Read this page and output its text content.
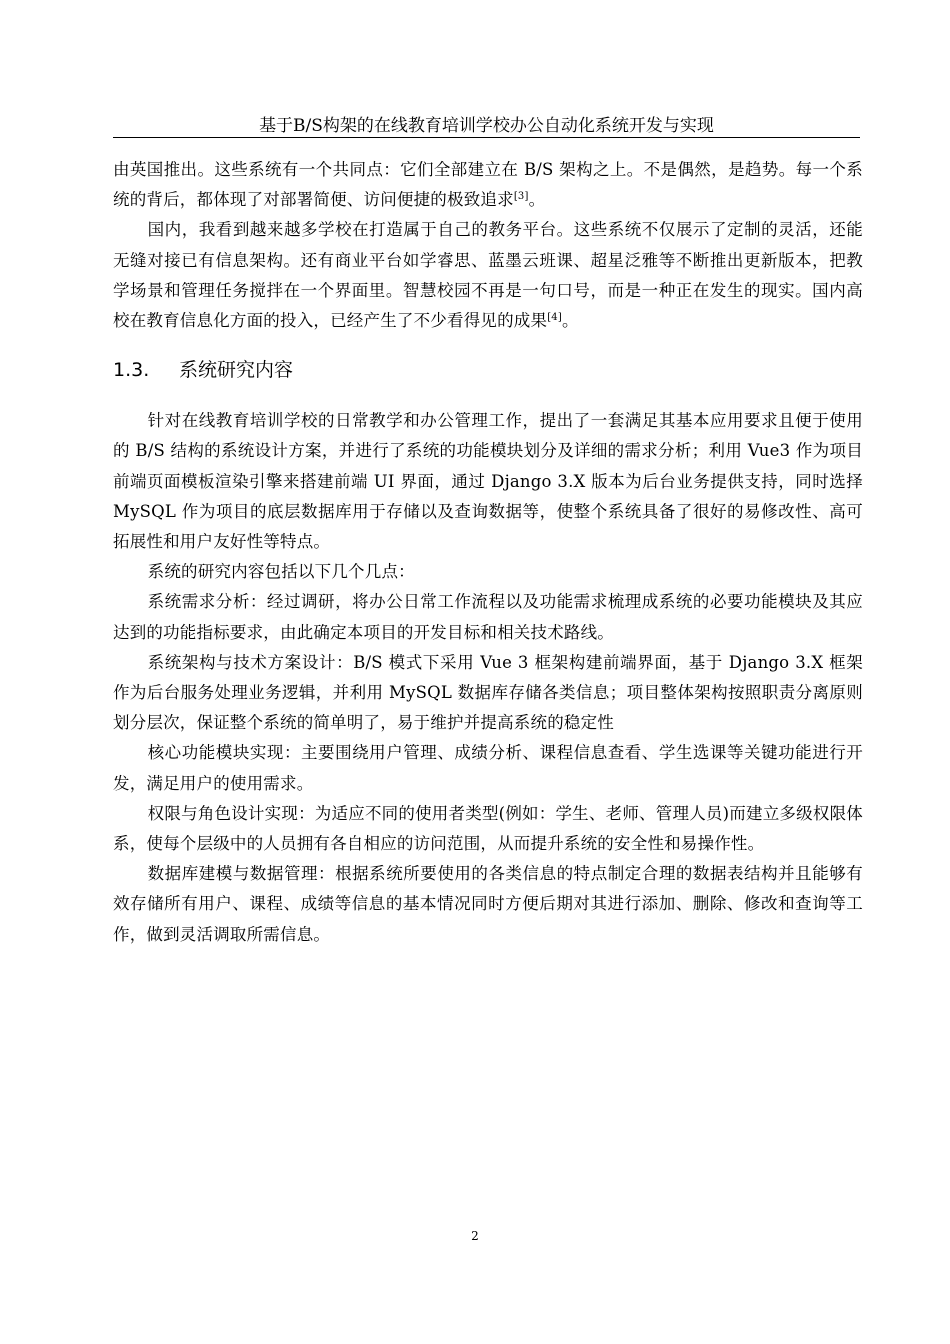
基于B/S构架的在线教育培训学校办公自动化系统开发与实现

由英国推出。这些系统有一个共同点：它们全部建立在 B/S 架构之上。不是偶然，是趋势。每一个系统的背后，都体现了对部署简便、访问便捷的极致追求[3]。

国内，我看到越来越多学校在打造属于自己的教务平台。这些系统不仅展示了定制的灵活，还能无缝对接已有信息架构。还有商业平台如学睿思、蓝墨云班课、超星泛雅等不断推出更新版本，把教学场景和管理任务搅拌在一个界面里。智慧校园不再是一句口号，而是一种正在发生的现实。国内高校在教育信息化方面的投入，已经产生了不少看得见的成果[4]。

1.3.	系统研究内容

针对在线教育培训学校的日常教学和办公管理工作，提出了一套满足其基本应用要求且便于使用的 B/S 结构的系统设计方案，并进行了系统的功能模块划分及详细的需求分析；利用 Vue3 作为项目前端页面模板渲染引擎来搭建前端 UI 界面，通过 Django 3.X 版本为后台业务提供支持，同时选择 MySQL 作为项目的底层数据库用于存储以及查询数据等，使整个系统具备了很好的易修改性、高可拓展性和用户友好性等特点。

系统的研究内容包括以下几个几点：

系统需求分析：经过调研，将办公日常工作流程以及功能需求梳理成系统的必要功能模块及其应达到的功能指标要求，由此确定本项目的开发目标和相关技术路线。

系统架构与技术方案设计：B/S 模式下采用 Vue 3 框架构建前端界面，基于 Django 3.X 框架作为后台服务处理业务逻辑，并利用 MySQL 数据库存储各类信息；项目整体架构按照职责分离原则划分层次，保证整个系统的简单明了，易于维护并提高系统的稳定性

核心功能模块实现：主要围绕用户管理、成绩分析、课程信息查看、学生选课等关键功能进行开发，满足用户的使用需求。

权限与角色设计实现：为适应不同的使用者类型(例如：学生、老师、管理人员)而建立多级权限体系，使每个层级中的人员拥有各自相应的访问范围，从而提升系统的安全性和易操作性。

数据库建模与数据管理：根据系统所要使用的各类信息的特点制定合理的数据表结构并且能够有效存储所有用户、课程、成绩等信息的基本情况同时方便后期对其进行添加、删除、修改和查询等工作，做到灵活调取所需信息。

2
